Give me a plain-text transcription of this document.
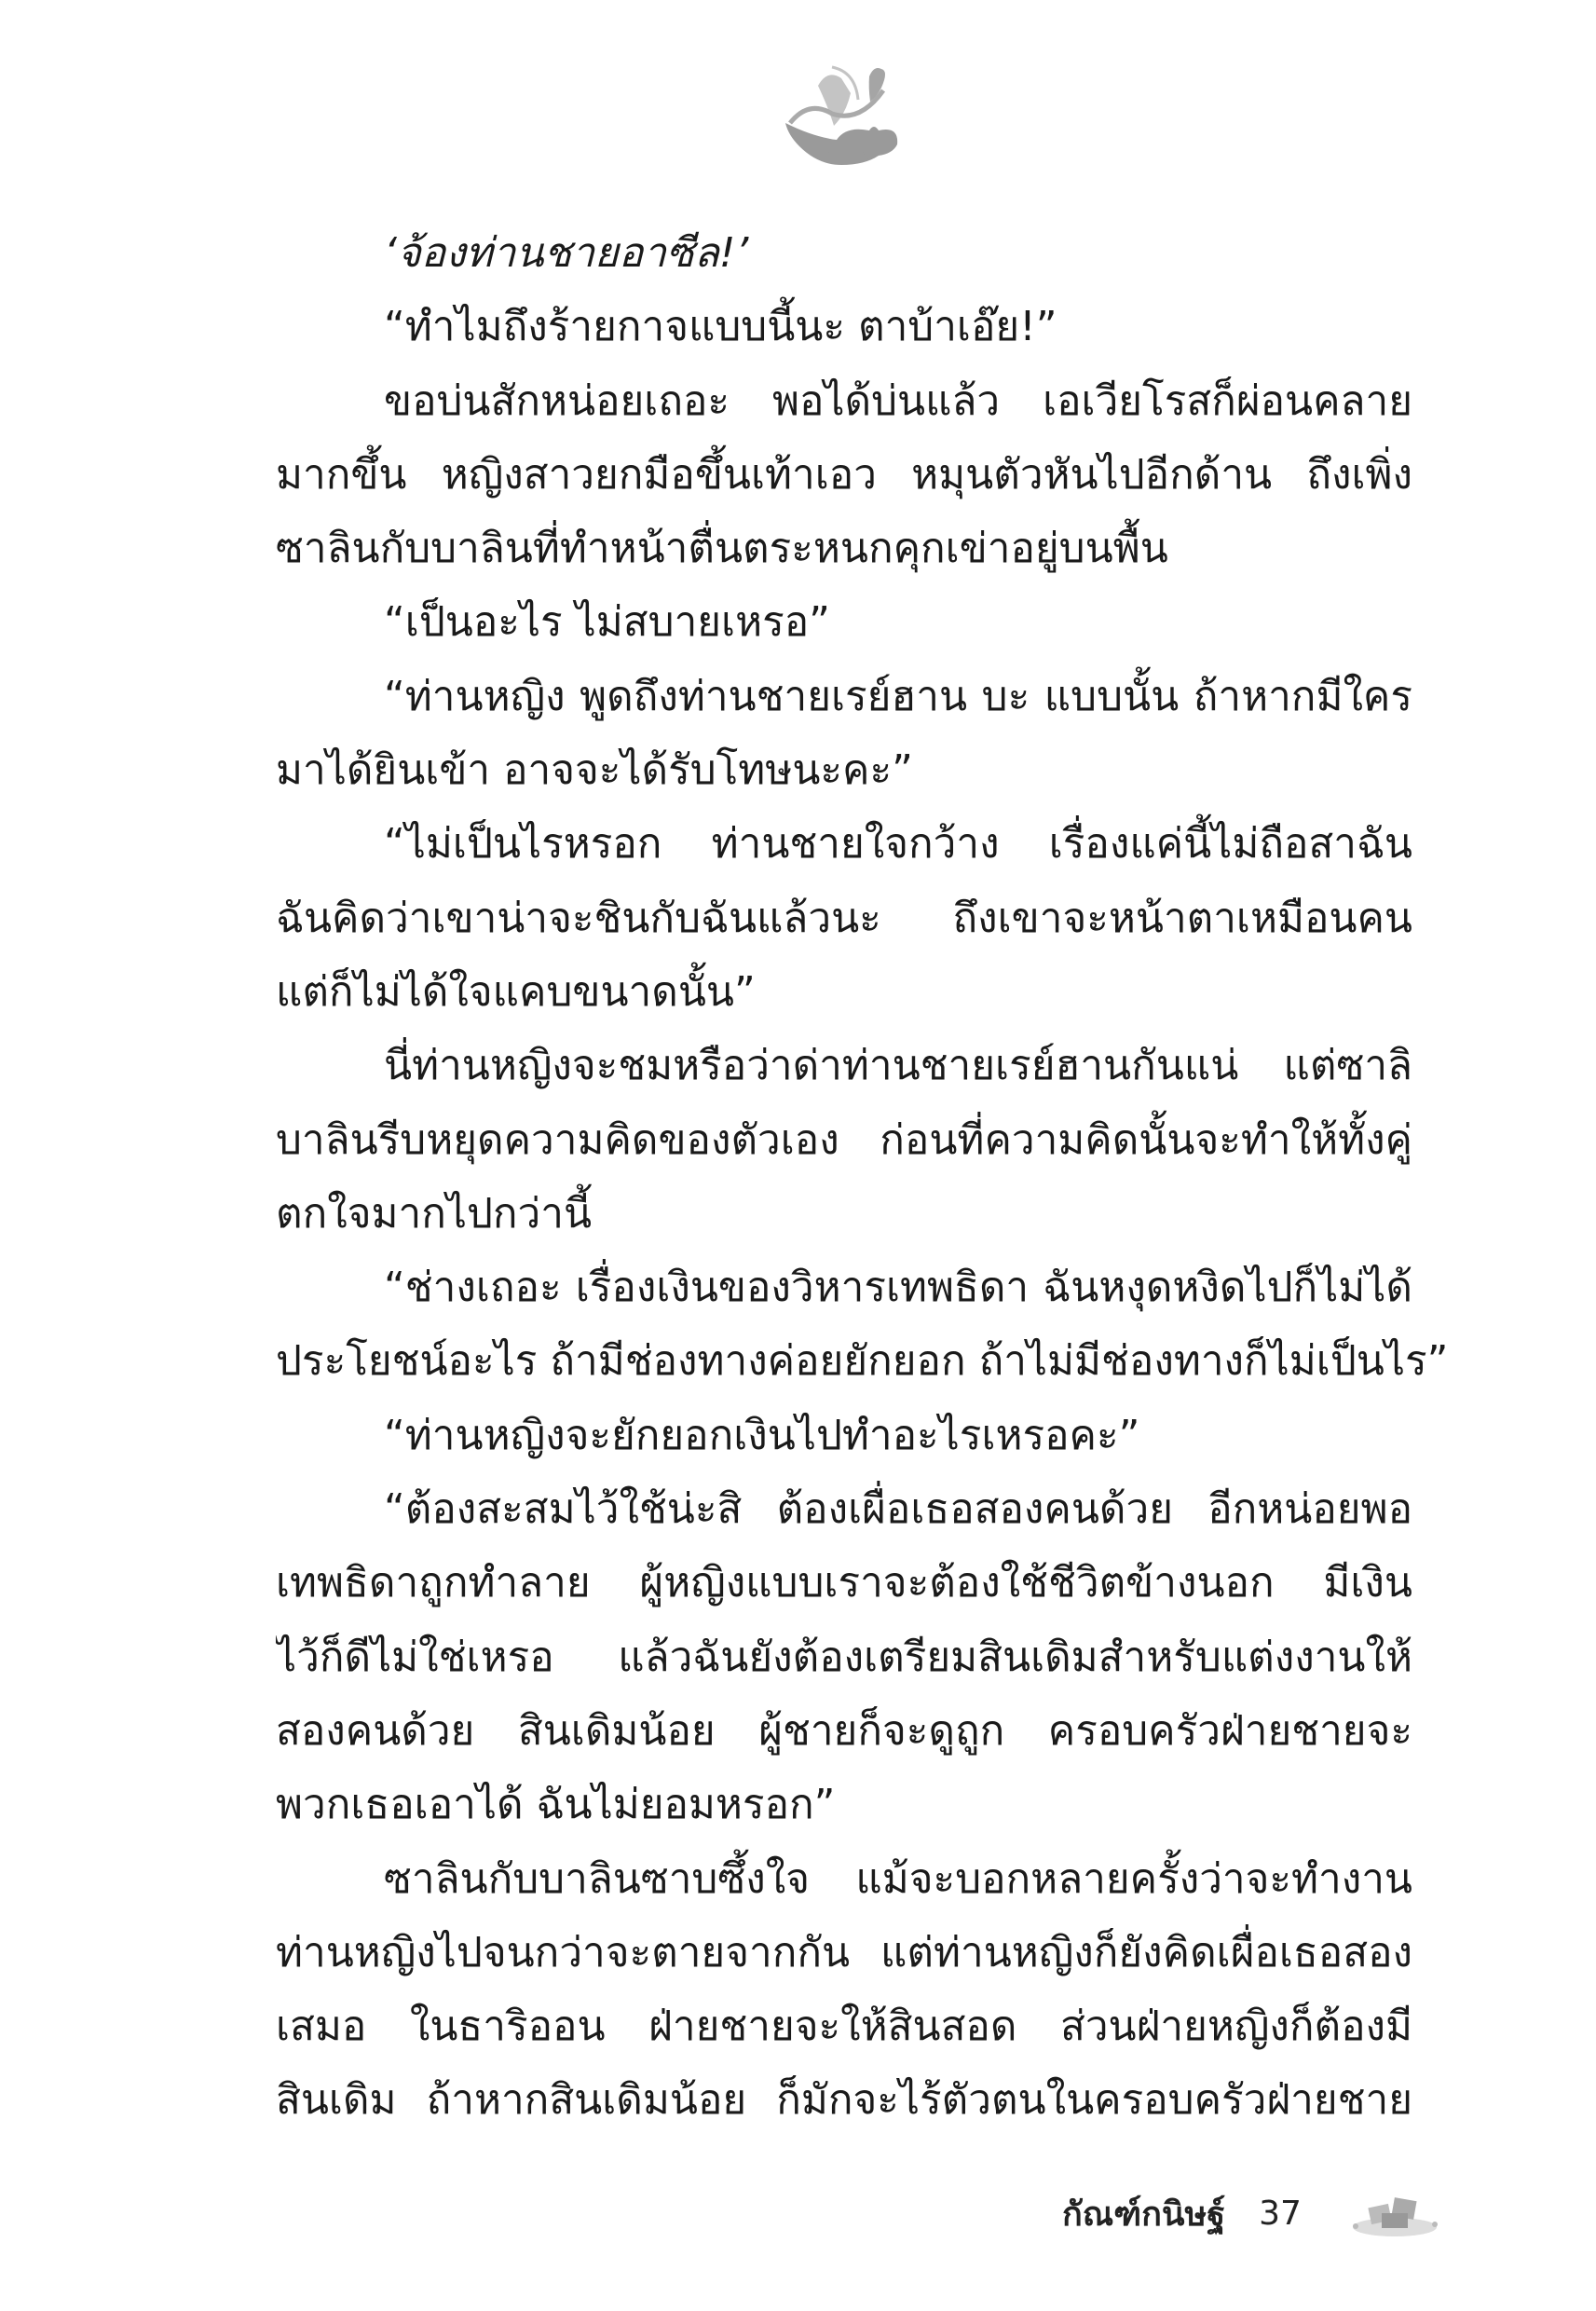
‘จ้องท่านชายอาซีล!’
“ทำไมถึงร้ายกาจแบบนี้นะ ตาบ้าเอ๊ย!”
ขอบ่นสักหน่อยเถอะ พอได้บ่นแล้ว เอเวียโรสก็ผ่อนคลาย
มากขึ้น หญิงสาวยกมือขึ้นเท้าเอว หมุนตัวหันไปอีกด้าน ถึงเพิ่ง
ซาลินกับบาลินที่ทำหน้าตื่นตระหนกคุกเข่าอยู่บนพื้น
“เป็นอะไร ไม่สบายเหรอ”
“ท่านหญิง พูดถึงท่านชายเรย์ฮาน บะ แบบนั้น ถ้าหากมีใคร
มาได้ยินเข้า อาจจะได้รับโทษนะคะ”
“ไม่เป็นไรหรอก ท่านชายใจกว้าง เรื่องแค่นี้ไม่ถือสาฉัน
ฉันคิดว่าเขาน่าจะชินกับฉันแล้วนะ ถึงเขาจะหน้าตาเหมือนคน
แต่ก็ไม่ได้ใจแคบขนาดนั้น”
นี่ท่านหญิงจะชมหรือว่าด่าท่านชายเรย์ฮานกันแน่ แต่ซาลิ
บาลินรีบหยุดความคิดของตัวเอง ก่อนที่ความคิดนั้นจะทำให้ทั้งคู่
ตกใจมากไปกว่านี้
“ช่างเถอะ เรื่องเงินของวิหารเทพธิดา ฉันหงุดหงิดไปก็ไม่ได้
ประโยชน์อะไร ถ้ามีช่องทางค่อยยักยอก ถ้าไม่มีช่องทางก็ไม่เป็นไร”
“ท่านหญิงจะยักยอกเงินไปทำอะไรเหรอคะ”
“ต้องสะสมไว้ใช้น่ะสิ ต้องเผื่อเธอสองคนด้วย อีกหน่อยพอ
เทพธิดาถูกทำลาย ผู้หญิงแบบเราจะต้องใช้ชีวิตข้างนอก มีเงิน
ไว้ก็ดีไม่ใช่เหรอ แล้วฉันยังต้องเตรียมสินเดิมสำหรับแต่งงานให้
สองคนด้วย สินเดิมน้อย ผู้ชายก็จะดูถูก ครอบครัวฝ่ายชายจะ
พวกเธอเอาได้ ฉันไม่ยอมหรอก”
ซาลินกับบาลินซาบซึ้งใจ แม้จะบอกหลายครั้งว่าจะทำงาน
ท่านหญิงไปจนกว่าจะตายจากกัน แต่ท่านหญิงก็ยังคิดเผื่อเธอสอง
เสมอ ในธาริออน ฝ่ายชายจะให้สินสอด ส่วนฝ่ายหญิงก็ต้องมี
สินเดิม ถ้าหากสินเดิมน้อย ก็มักจะไร้ตัวตนในครอบครัวฝ่ายชาย
กัณฑ์กนิษฐ์ 37
